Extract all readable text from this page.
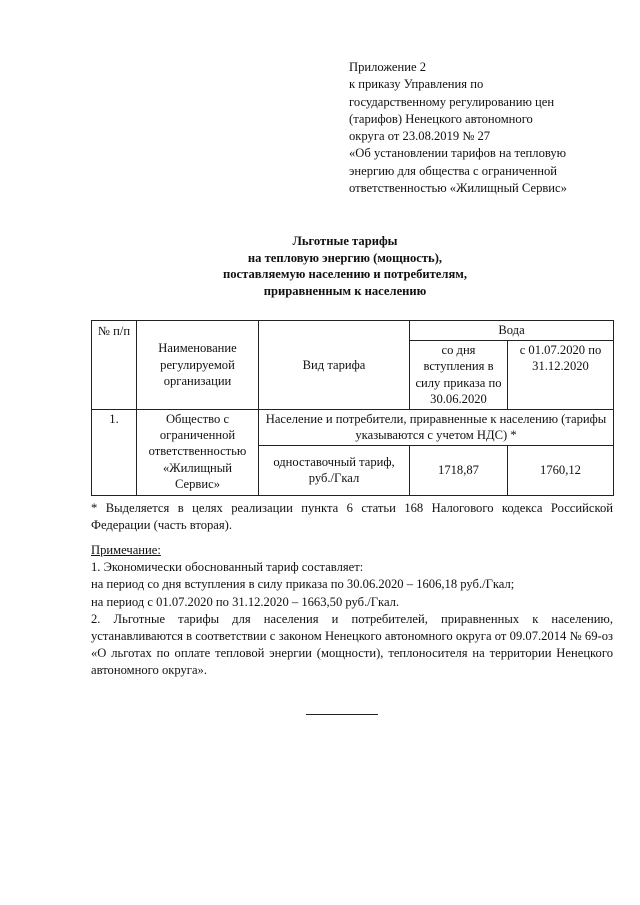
Приложение 2
к приказу Управления по
государственному регулированию цен
(тарифов) Ненецкого автономного
округа от 23.08.2019 № 27
«Об установлении тарифов на тепловую
энергию для общества с ограниченной
ответственностью «Жилищный Сервис»
Льготные тарифы
на тепловую энергию (мощность),
поставляемую населению и потребителям,
приравненным к населению
№ п/п	Наименование регулируемой организации	Вид тарифа	Вода	
			со дня вступления в силу приказа по 30.06.2020	с 01.07.2020 по 31.12.2020
1.	Общество с ограниченной ответственностью «Жилищный Сервис»	Население и потребители, приравненные к населению (тарифы указываются с учетом НДС) *		
		одноставочный тариф, руб./Гкал	1718,87	1760,12
* Выделяется в целях реализации пункта 6 статьи 168 Налогового кодекса Российской Федерации (часть вторая).
Примечание:
1. Экономически обоснованный тариф составляет:
на период со дня вступления в силу приказа по 30.06.2020 – 1606,18 руб./Гкал;
на период с 01.07.2020 по 31.12.2020 – 1663,50 руб./Гкал.
2. Льготные тарифы для населения и потребителей, приравненных к населению, устанавливаются в соответствии с законом Ненецкого автономного округа от 09.07.2014 № 69-оз «О льготах по оплате тепловой энергии (мощности), теплоносителя на территории Ненецкого автономного округа».
